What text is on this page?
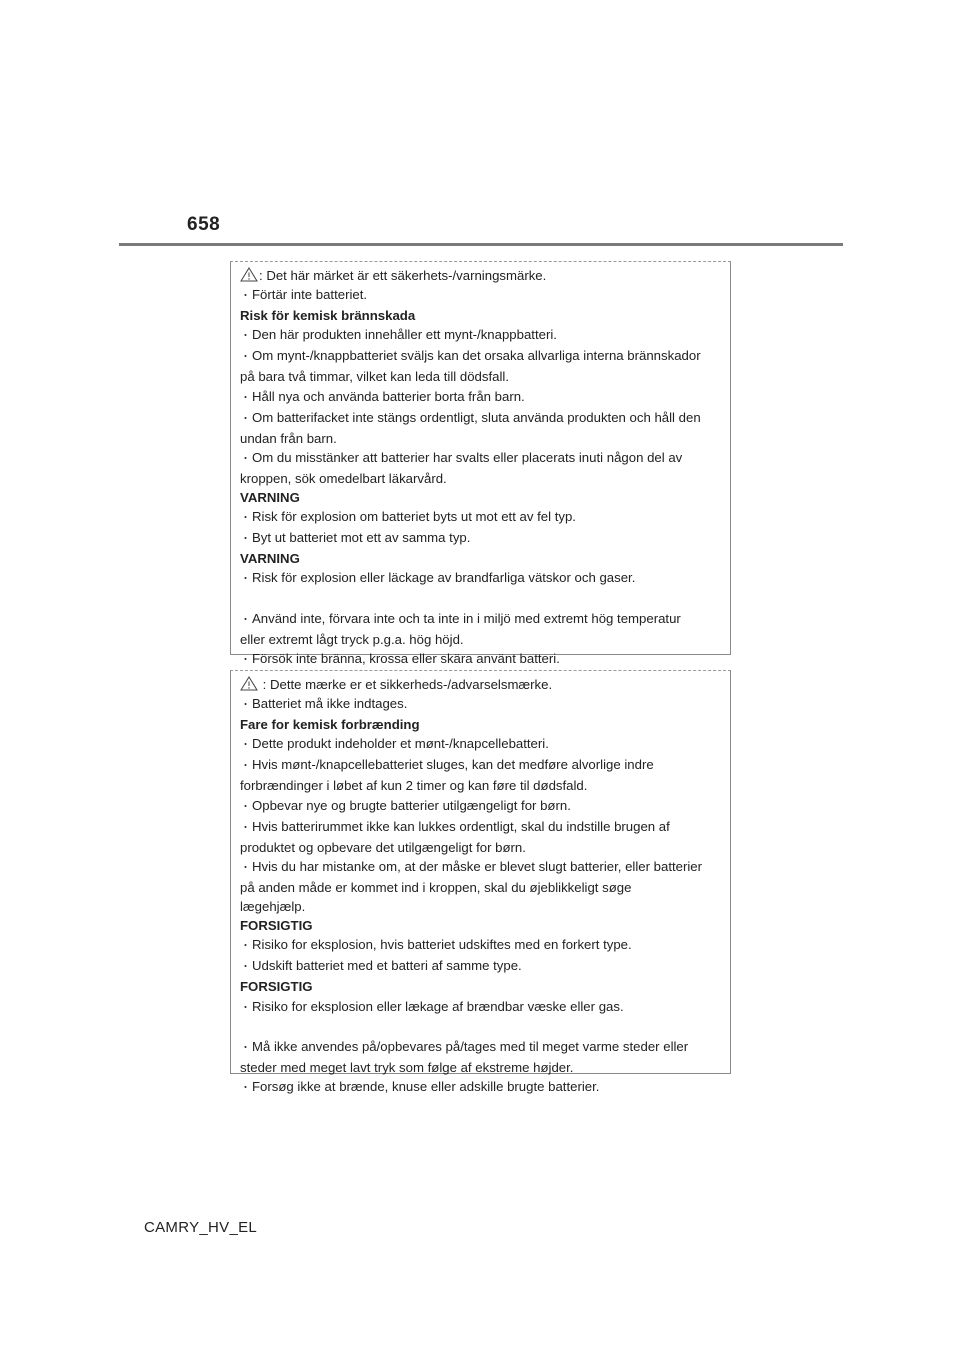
658
: Det här märket är ett säkerhets-/varningsmärke.
・ Förtär inte batteriet.
Risk för kemisk brännskada
・ Den här produkten innehåller ett mynt-/knappbatteri.
・ Om mynt-/knappbatteriet sväljs kan det orsaka allvarliga interna brännskador
på bara två timmar, vilket kan leda till dödsfall.
・ Håll nya och använda batterier borta från barn.
・ Om batterifacket inte stängs ordentligt, sluta använda produkten och håll den
undan från barn.
・ Om du misstänker att batterier har svalts eller placerats inuti någon del av
kroppen, sök omedelbart läkarvård.
VARNING
・ Risk för explosion om batteriet byts ut mot ett av fel typ.
・ Byt ut batteriet mot ett av samma typ.
VARNING
・ Risk för explosion eller läckage av brandfarliga vätskor och gaser.
・ Använd inte, förvara inte och ta inte in i miljö med extremt hög temperatur
eller extremt lågt tryck p.g.a. hög höjd.
・ Försök inte bränna, krossa eller skära använt batteri.
: Dette mærke er et sikkerheds-/advarselsmærke.
・ Batteriet må ikke indtages.
Fare for kemisk forbrænding
・ Dette produkt indeholder et mønt-/knapcellebatteri.
・ Hvis mønt-/knapcellebatteriet sluges, kan det medføre alvorlige indre
forbrændinger i løbet af kun 2 timer og kan føre til dødsfald.
・ Opbevar nye og brugte batterier utilgængeligt for børn.
・ Hvis batterirummet ikke kan lukkes ordentligt, skal du indstille brugen af
produktet og opbevare det utilgængeligt for børn.
・ Hvis du har mistanke om, at der måske er blevet slugt batterier, eller batterier
på anden måde er kommet ind i kroppen, skal du øjeblikkeligt søge
lægehjælp.
FORSIGTIG
・ Risiko for eksplosion, hvis batteriet udskiftes med en forkert type.
・ Udskift batteriet med et batteri af samme type.
FORSIGTIG
・ Risiko for eksplosion eller lækage af brændbar væske eller gas.
・ Må ikke anvendes på/opbevares på/tages med til meget varme steder eller
steder med meget lavt tryk som følge af ekstreme højder.
・ Forsøg ikke at brænde, knuse eller adskille brugte batterier.
CAMRY_HV_EL
